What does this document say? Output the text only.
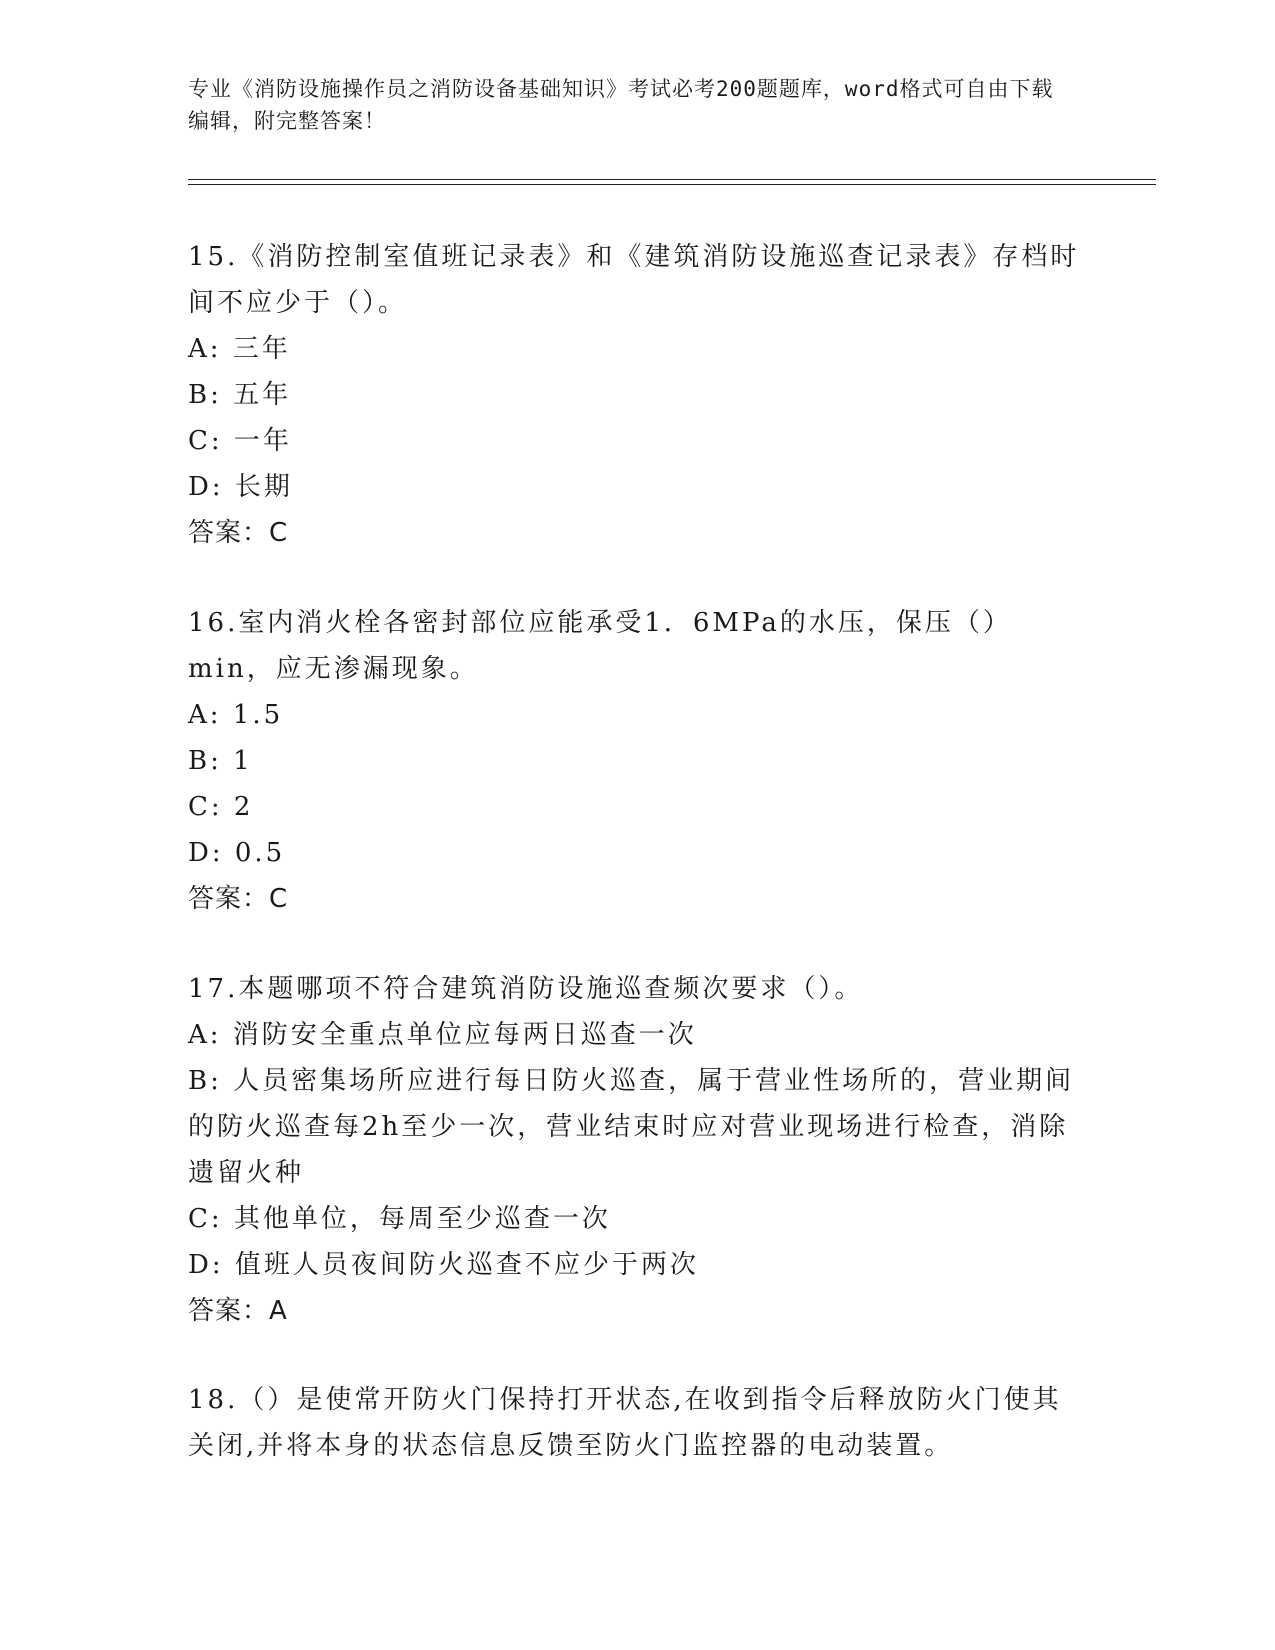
专业《消防设施操作员之消防设备基础知识》考试必考200题题库，word格式可自由下载编辑，附完整答案！

15.《消防控制室值班记录表》和《建筑消防设施巡查记录表》存档时间不应少于（）。

A: 三年

B: 五年

C: 一年

D: 长期

答案：C

16.室内消火栓各密封部位应能承受1．6MPa的水压，保压（）min，应无渗漏现象。

A: 1.5

B: 1

C: 2

D: 0.5

答案：C

17.本题哪项不符合建筑消防设施巡查频次要求（）。

A: 消防安全重点单位应每两日巡查一次

B: 人员密集场所应进行每日防火巡查，属于营业性场所的，营业期间的防火巡查每2h至少一次，营业结束时应对营业现场进行检查，消除遗留火种

C: 其他单位，每周至少巡查一次

D: 值班人员夜间防火巡查不应少于两次

答案：A

18.（）是使常开防火门保持打开状态,在收到指令后释放防火门使其关闭,并将本身的状态信息反馈至防火门监控器的电动装置。
